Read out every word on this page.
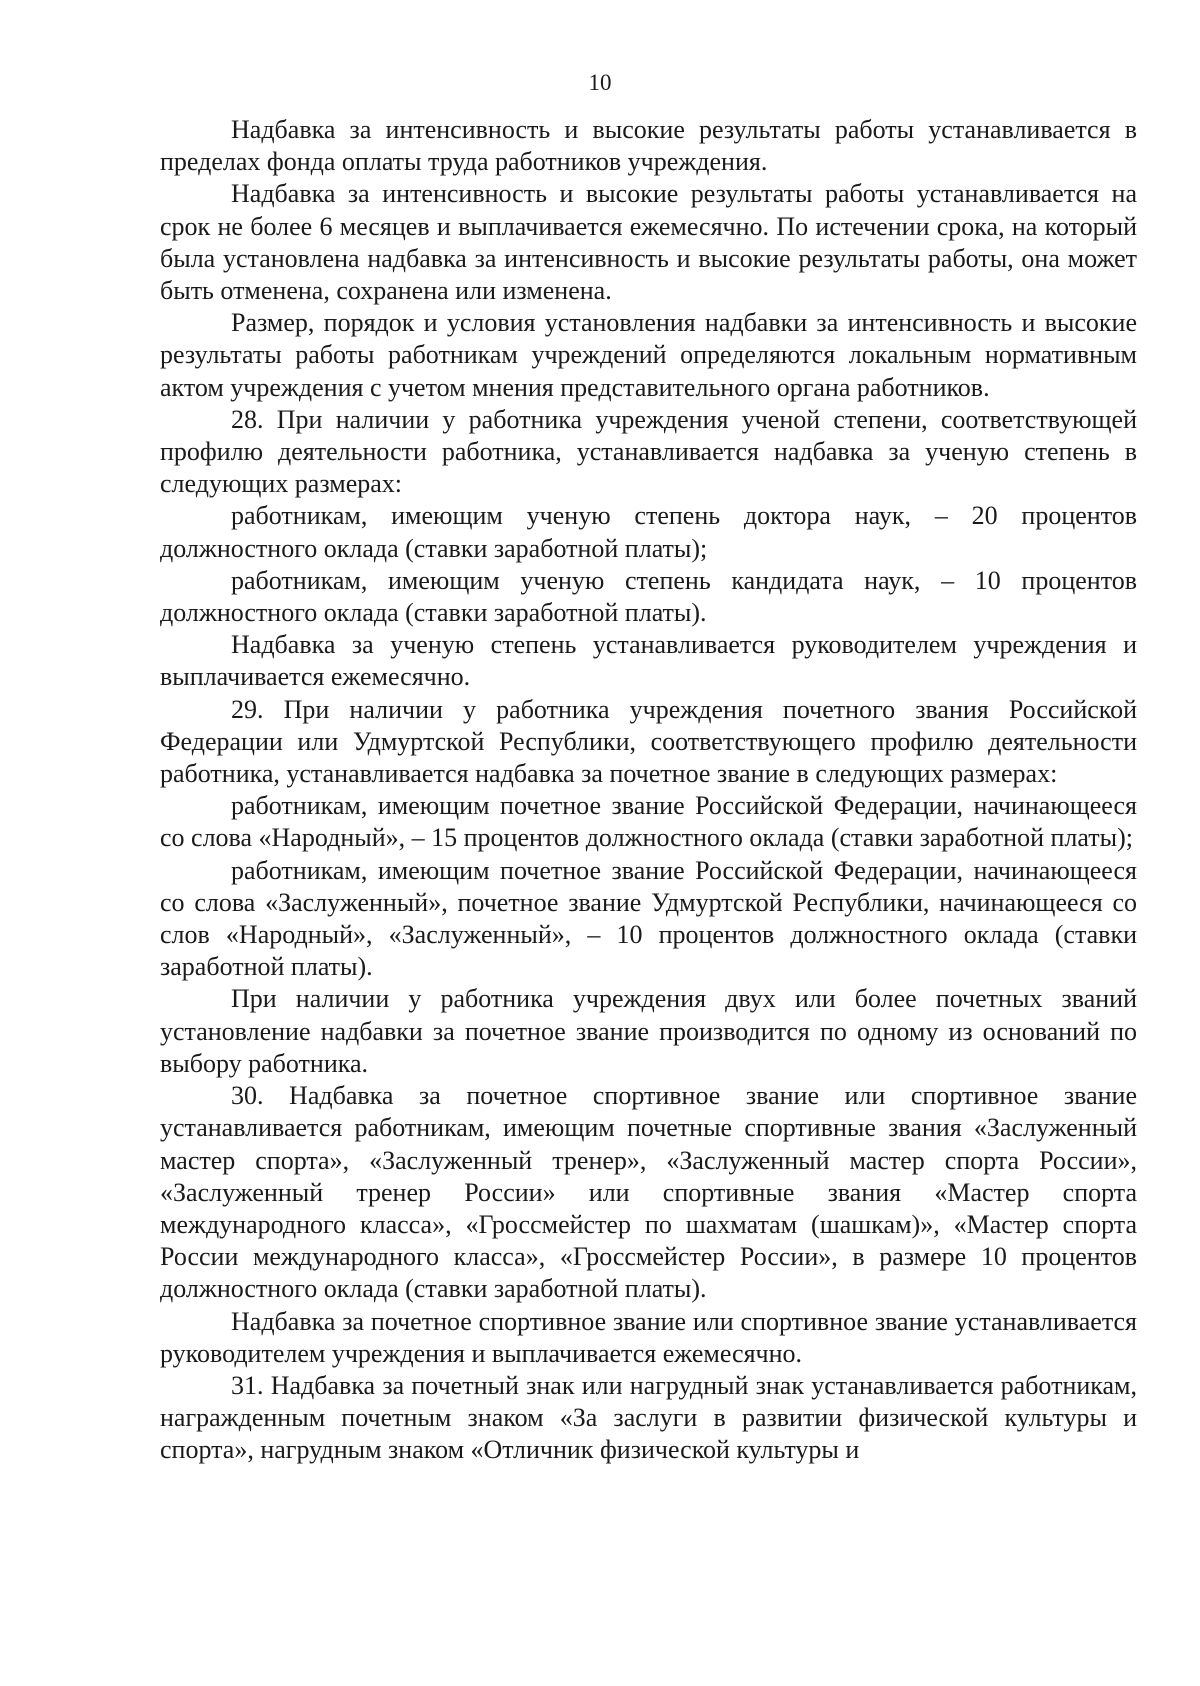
10

Надбавка за интенсивность и высокие результаты работы устанавливается в пределах фонда оплаты труда работников учреждения.

Надбавка за интенсивность и высокие результаты работы устанавливается на срок не более 6 месяцев и выплачивается ежемесячно. По истечении срока, на который была установлена надбавка за интенсивность и высокие результаты работы, она может быть отменена, сохранена или изменена.

Размер, порядок и условия установления надбавки за интенсивность и высокие результаты работы работникам учреждений определяются локальным нормативным актом учреждения с учетом мнения представительного органа работников.

28. При наличии у работника учреждения ученой степени, соответствующей профилю деятельности работника, устанавливается надбавка за ученую степень в следующих размерах:

работникам, имеющим ученую степень доктора наук, – 20 процентов должностного оклада (ставки заработной платы);

работникам, имеющим ученую степень кандидата наук, – 10 процентов должностного оклада (ставки заработной платы).

Надбавка за ученую степень устанавливается руководителем учреждения и выплачивается ежемесячно.

29. При наличии у работника учреждения почетного звания Российской Федерации или Удмуртской Республики, соответствующего профилю деятельности работника, устанавливается надбавка за почетное звание в следующих размерах:

работникам, имеющим почетное звание Российской Федерации, начинающееся со слова «Народный», – 15 процентов должностного оклада (ставки заработной платы);

работникам, имеющим почетное звание Российской Федерации, начинающееся со слова «Заслуженный», почетное звание Удмуртской Республики, начинающееся со слов «Народный», «Заслуженный», – 10 процентов должностного оклада (ставки заработной платы).

При наличии у работника учреждения двух или более почетных званий установление надбавки за почетное звание производится по одному из оснований по выбору работника.

30. Надбавка за почетное спортивное звание или спортивное звание устанавливается работникам, имеющим почетные спортивные звания «Заслуженный мастер спорта», «Заслуженный тренер», «Заслуженный мастер спорта России», «Заслуженный тренер России» или спортивные звания «Мастер спорта международного класса», «Гроссмейстер по шахматам (шашкам)», «Мастер спорта России международного класса», «Гроссмейстер России», в размере 10 процентов должностного оклада (ставки заработной платы).

Надбавка за почетное спортивное звание или спортивное звание устанавливается руководителем учреждения и выплачивается ежемесячно.

31. Надбавка за почетный знак или нагрудный знак устанавливается работникам, награжденным почетным знаком «За заслуги в развитии физической культуры и спорта», нагрудным знаком «Отличник физической культуры и
